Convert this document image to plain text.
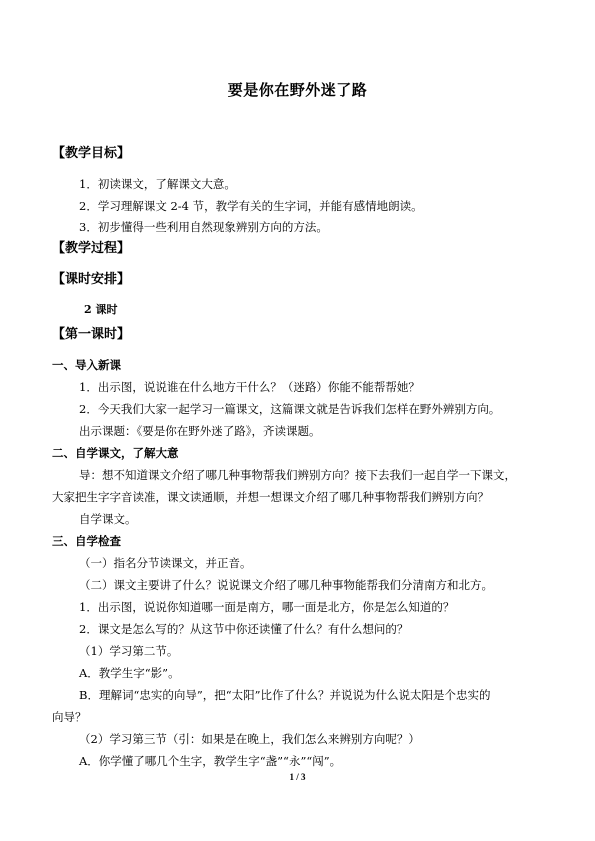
要是你在野外迷了路
【教学目标】
1．初读课文，了解课文大意。
2．学习理解课文 2-4 节，教学有关的生字词，并能有感情地朗读。
3．初步懂得一些利用自然现象辨别方向的方法。
【教学过程】
【课时安排】
2 课时
【第一课时】
一、导入新课
1．出示图，说说谁在什么地方干什么？（迷路）你能不能帮帮她？
2．今天我们大家一起学习一篇课文，这篇课文就是告诉我们怎样在野外辨别方向。
出示课题：《要是你在野外迷了路》，齐读课题。
二、自学课文，了解大意
导：想不知道课文介绍了哪几种事物帮我们辨别方向？接下去我们一起自学一下课文，
大家把生字字音读准，课文读通顺，并想一想课文介绍了哪几种事物帮我们辨别方向？
自学课文。
三、自学检查
（一）指名分节读课文，并正音。
（二）课文主要讲了什么？说说课文介绍了哪几种事物能帮我们分清南方和北方。
1．出示图，说说你知道哪一面是南方，哪一面是北方，你是怎么知道的？
2．课文是怎么写的？从这节中你还读懂了什么？有什么想问的？
（1）学习第二节。
A．教学生字“影”。
B．理解词“忠实的向导”，把“太阳”比作了什么？并说说为什么说太阳是个忠实的
向导？
（2）学习第三节（引：如果是在晚上，我们怎么来辨别方向呢？）
A．你学懂了哪几个生字，教学生字“盏”“永”“闯”。
1 / 3
